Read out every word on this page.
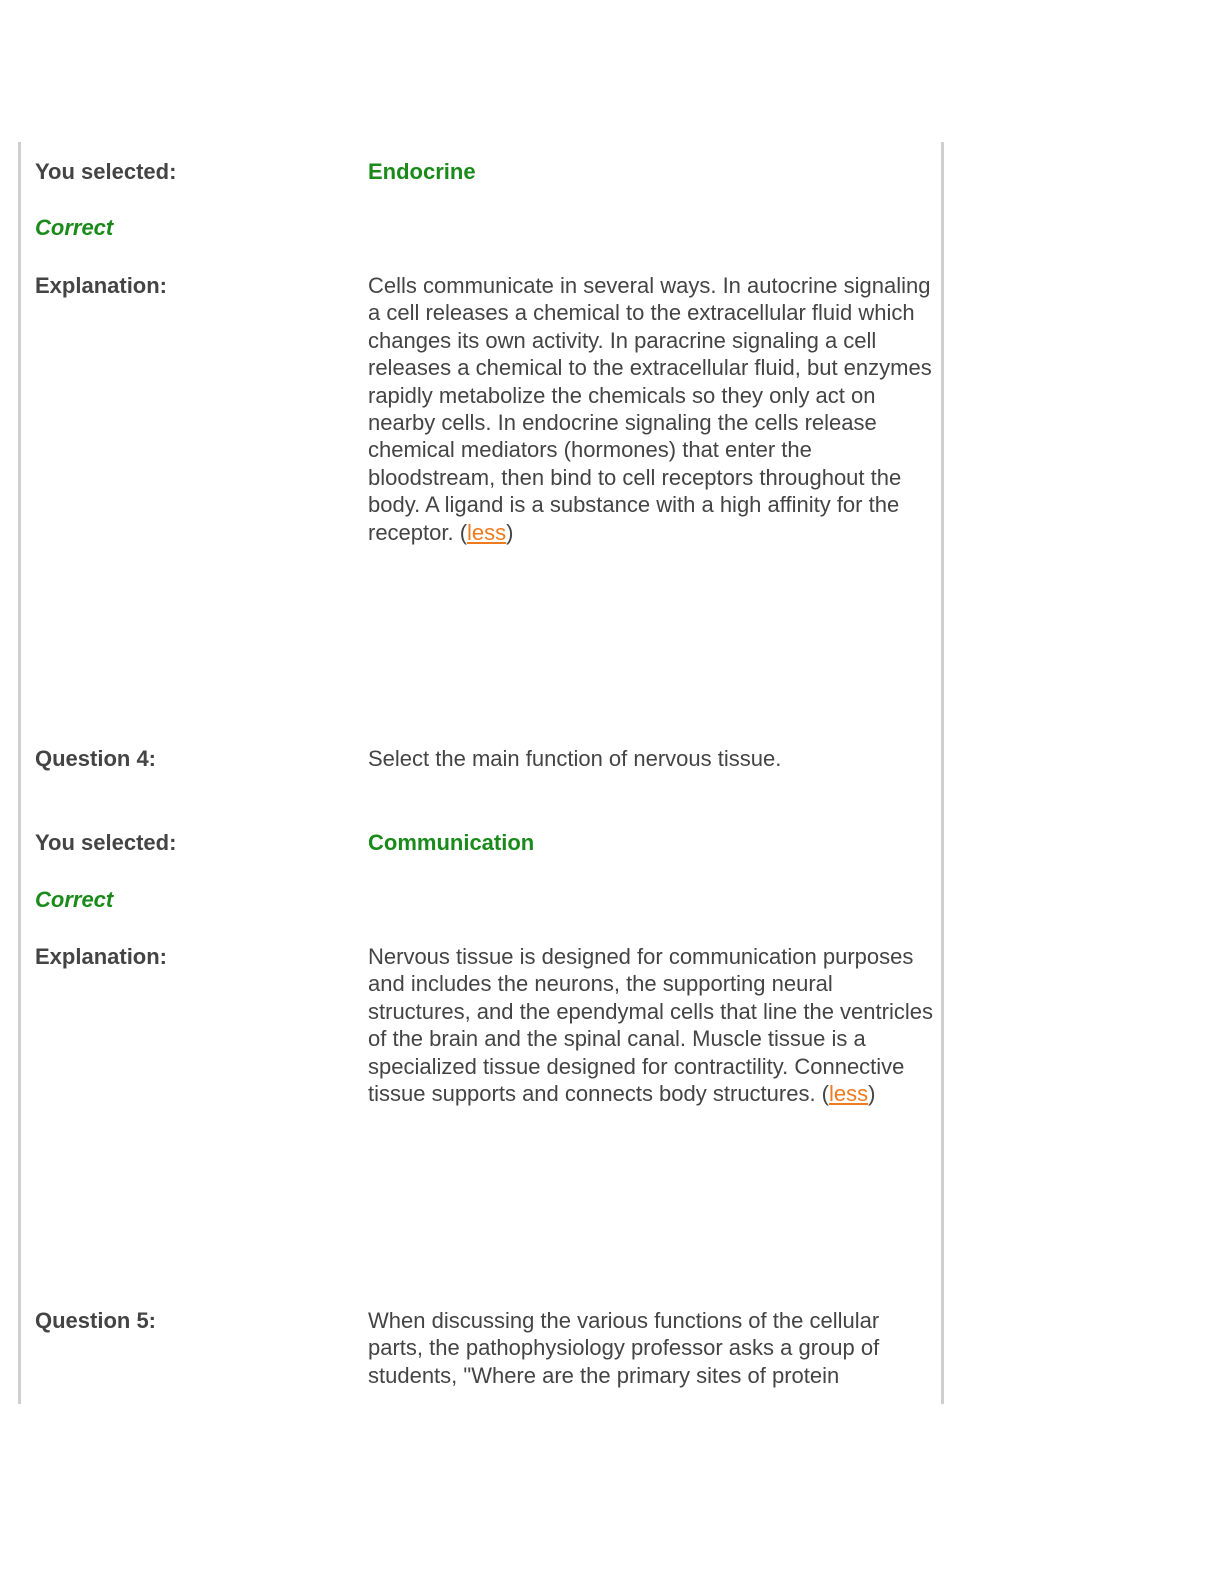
You selected:	Endocrine
Correct
Explanation:	Cells communicate in several ways. In autocrine signaling a cell releases a chemical to the extracellular fluid which changes its own activity. In paracrine signaling a cell releases a chemical to the extracellular fluid, but enzymes rapidly metabolize the chemicals so they only act on nearby cells. In endocrine signaling the cells release chemical mediators (hormones) that enter the bloodstream, then bind to cell receptors throughout the body. A ligand is a substance with a high affinity for the receptor. (less)
Question 4:	Select the main function of nervous tissue.
You selected:	Communication
Correct
Explanation:	Nervous tissue is designed for communication purposes and includes the neurons, the supporting neural structures, and the ependymal cells that line the ventricles of the brain and the spinal canal. Muscle tissue is a specialized tissue designed for contractility. Connective tissue supports and connects body structures. (less)
Question 5:	When discussing the various functions of the cellular parts, the pathophysiology professor asks a group of students, "Where are the primary sites of protein
